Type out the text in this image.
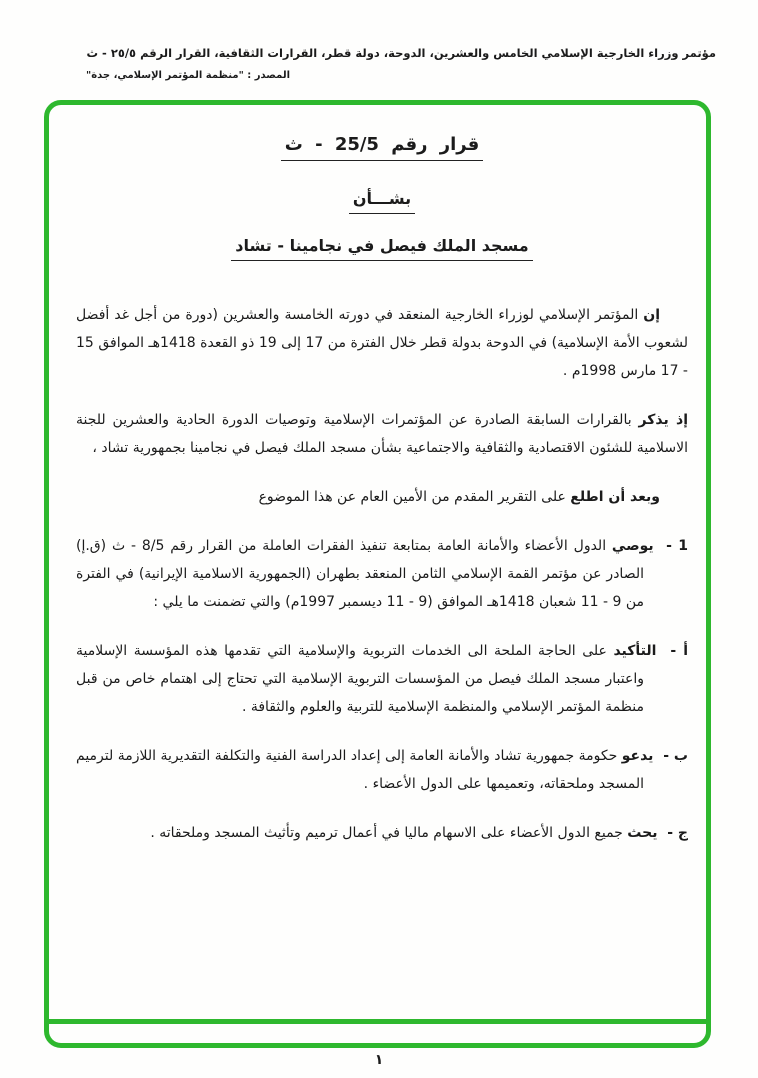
مؤتمر وزراء الخارجية الإسلامي الخامس والعشرين، الدوحة، دولة قطر، القرارات الثقافية، القرار الرقم ٢٥/٥ - ث
المصدر : "منظمة المؤتمر الإسلامي، جدة"
قرار رقم 25/5 - ث
بشـــأن
مسجد الملك فيصل في نجامينا - تشاد

إن المؤتمر الإسلامي لوزراء الخارجية المنعقد في دورته الخامسة والعشرين (دورة من أجل غد أفضل لشعوب الأمة الإسلامية) في الدوحة بدولة قطر خلال الفترة من 17 إلى 19 ذو القعدة 1418هـ الموافق 15 - 17 مارس 1998م .

إذ يذكر بالقرارات السابقة الصادرة عن المؤتمرات الإسلامية وتوصيات الدورة الحادية والعشرين للجنة الاسلامية للشئون الاقتصادية والثقافية والاجتماعية بشأن مسجد الملك فيصل في نجامينا بجمهورية تشاد ،

وبعد أن اطلع على التقرير المقدم من الأمين العام عن هذا الموضوع

1 -يوصي الدول الأعضاء والأمانة العامة بمتابعة تنفيذ الفقرات العاملة من القرار رقم 8/5 - ث (ق.إ) الصادر عن مؤتمر القمة الإسلامي الثامن المنعقد بطهران (الجمهورية الاسلامية الإيرانية) في الفترة من 9 - 11 شعبان 1418هـ الموافق (9 - 11 ديسمبر 1997م) والتي تضمنت ما يلي :

أ -التأكيد على الحاجة الملحة الى الخدمات التربوية والإسلامية التي تقدمها هذه المؤسسة الإسلامية واعتبار مسجد الملك فيصل من المؤسسات التربوية الإسلامية التي تحتاج إلى اهتمام خاص من قبل منظمة المؤتمر الإسلامي والمنظمة الإسلامية للتربية والعلوم والثقافة .

ب -يدعو حكومة جمهورية تشاد والأمانة العامة إلى إعداد الدراسة الفنية والتكلفة التقديرية اللازمة لترميم المسجد وملحقاته، وتعميمها على الدول الأعضاء .

ج -يحث جميع الدول الأعضاء على الاسهام ماليا في أعمال ترميم وتأثيث المسجد وملحقاته .

١
